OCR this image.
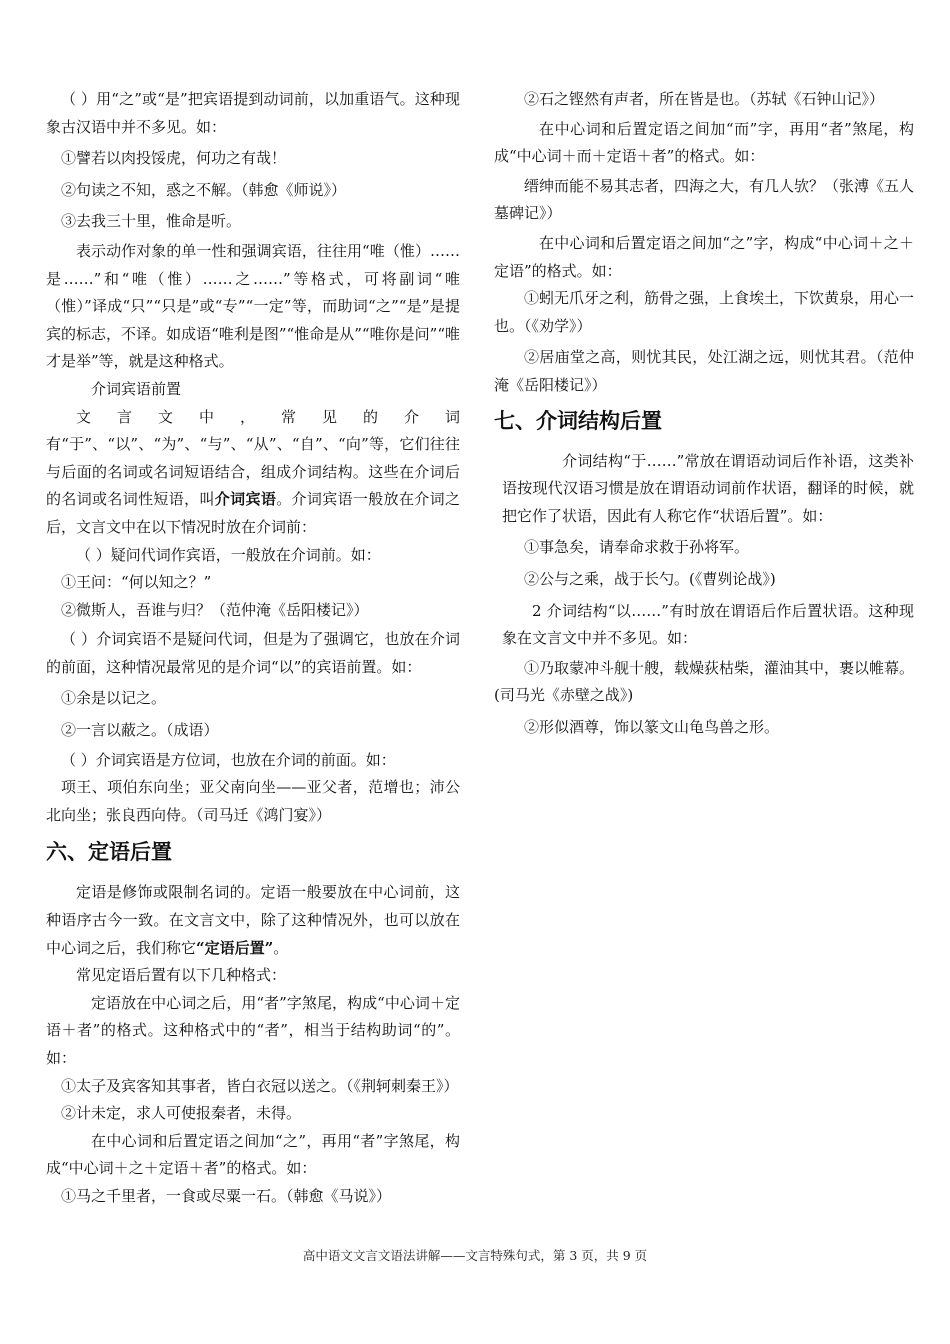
（ ）用“之”或“是”把宾语提到动词前，以加重语气。这种现象古汉语中并不多见。如：

①譬若以肉投馁虎，何功之有哉！

②句读之不知，惑之不解。（韩愈《师说》）

③去我三十里，惟命是听。

表示动作对象的单一性和强调宾语，往往用“唯（惟）……是……”和“唯（惟）……之……”等格式，可将副词“唯（惟）”译成“只”“只是”或“专”“一定”等，而助词“之”“是”是提宾的标志，不译。如成语“唯利是图”“惟命是从”“唯你是问”“唯才是举”等，就是这种格式。

介词宾语前置

文言文中，常见的介词有“于”、“以”、“为”、“与”、“从”、“自”、“向”等，它们往往与后面的名词或名词短语结合，组成介词结构。这些在介词后的名词或名词性短语，叫介词宾语。介词宾语一般放在介词之后，文言文中在以下情况时放在介词前：

（ ）疑问代词作宾语，一般放在介词前。如：

①王问：“何以知之？”

②微斯人，吾谁与归？（范仲淹《岳阳楼记》）

（ ）介词宾语不是疑问代词，但是为了强调它，也放在介词的前面，这种情况最常见的是介词“以”的宾语前置。如：

①余是以记之。

②一言以蔽之。（成语）

（ ）介词宾语是方位词，也放在介词的前面。如：

项王、项伯东向坐；亚父南向坐——亚父者，范增也；沛公北向坐；张良西向侍。（司马迁《鸿门宴》）

六、定语后置

定语是修饰或限制名词的。定语一般要放在中心词前，这种语序古今一致。在文言文中，除了这种情况外，也可以放在中心词之后，我们称它“定语后置”。

常见定语后置有以下几种格式：

定语放在中心词之后，用“者”字煞尾，构成“中心词＋定语＋者”的格式。这种格式中的“者”，相当于结构助词“的”。如：

①太子及宾客知其事者，皆白衣冠以送之。（《荆轲刺秦王》）

②计未定，求人可使报秦者，未得。

在中心词和后置定语之间加“之”，再用“者”字煞尾，构成“中心词＋之＋定语＋者”的格式。如：

①马之千里者，一食或尽粟一石。（韩愈《马说》）

②石之铿然有声者，所在皆是也。（苏轼《石钟山记》）

在中心词和后置定语之间加“而”字，再用“者”煞尾，构成“中心词＋而＋定语＋者”的格式。如：

缙绅而能不易其志者，四海之大，有几人欤？（张溥《五人墓碑记》）

在中心词和后置定语之间加“之”字，构成“中心词＋之＋定语”的格式。如：

①蚓无爪牙之利，筋骨之强，上食埃土，下饮黄泉，用心一也。（《劝学》）

②居庙堂之高，则忧其民，处江湖之远，则忧其君。（范仲淹《岳阳楼记》）

七、介词结构后置

介词结构“于……”常放在谓语动词后作补语，这类补语按现代汉语习惯是放在谓语动词前作状语，翻译的时候，就把它作了状语，因此有人称它作“状语后置”。如：

①事急矣，请奉命求救于孙将军。

②公与之乘，战于长勺。(《曹刿论战》)

2 介词结构“以……”有时放在谓语后作后置状语。这种现象在文言文中并不多见。如：

①乃取蒙冲斗舰十艘，载燥荻枯柴，灌油其中，裹以帷幕。(司马光《赤壁之战》)

②形似酒尊，饰以篆文山龟鸟兽之形。

高中语文文言文语法讲解——文言特殊句式，第 3 页，共 9 页
